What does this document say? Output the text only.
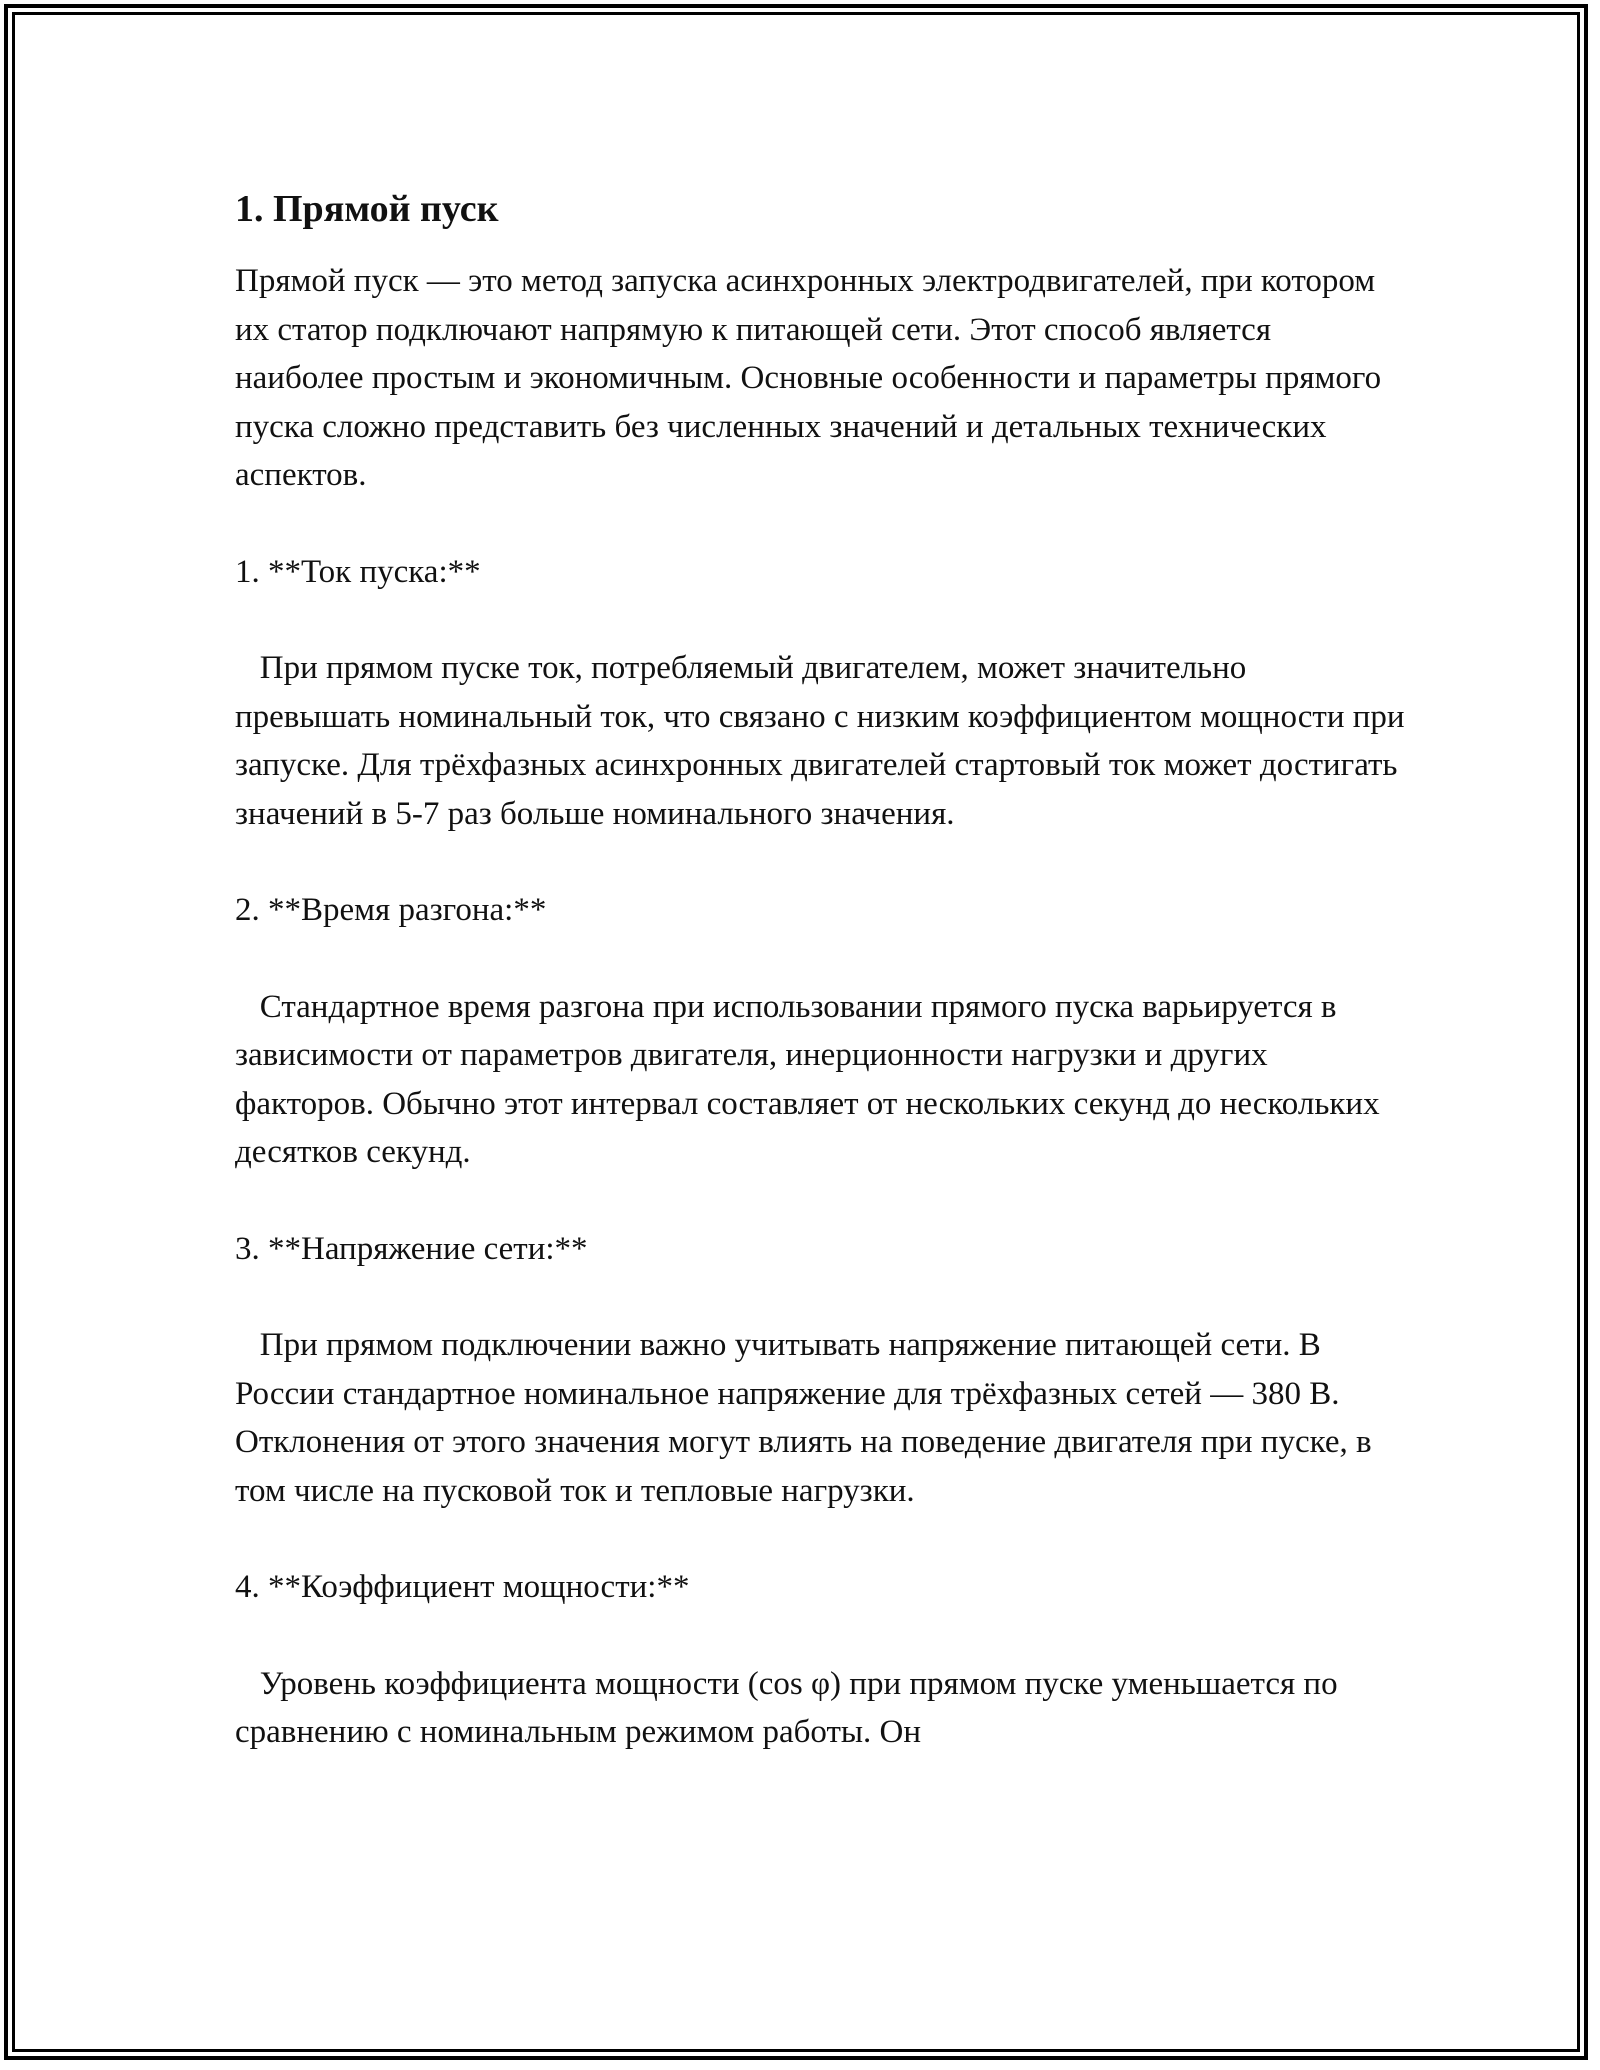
1. Прямой пуск

Прямой пуск — это метод запуска асинхронных электродвигателей, при котором их статор подключают напрямую к питающей сети. Этот способ является наиболее простым и экономичным. Основные особенности и параметры прямого пуска сложно представить без численных значений и детальных технических аспектов.

1. **Ток пуска:**

При прямом пуске ток, потребляемый двигателем, может значительно превышать номинальный ток, что связано с низким коэффициентом мощности при запуске. Для трёхфазных асинхронных двигателей стартовый ток может достигать значений в 5-7 раз больше номинального значения.

2. **Время разгона:**

Стандартное время разгона при использовании прямого пуска варьируется в зависимости от параметров двигателя, инерционности нагрузки и других факторов. Обычно этот интервал составляет от нескольких секунд до нескольких десятков секунд.

3. **Напряжение сети:**

При прямом подключении важно учитывать напряжение питающей сети. В России стандартное номинальное напряжение для трёхфазных сетей — 380 В. Отклонения от этого значения могут влиять на поведение двигателя при пуске, в том числе на пусковой ток и тепловые нагрузки.

4. **Коэффициент мощности:**

Уровень коэффициента мощности (cos φ) при прямом пуске уменьшается по сравнению с номинальным режимом работы. Он
